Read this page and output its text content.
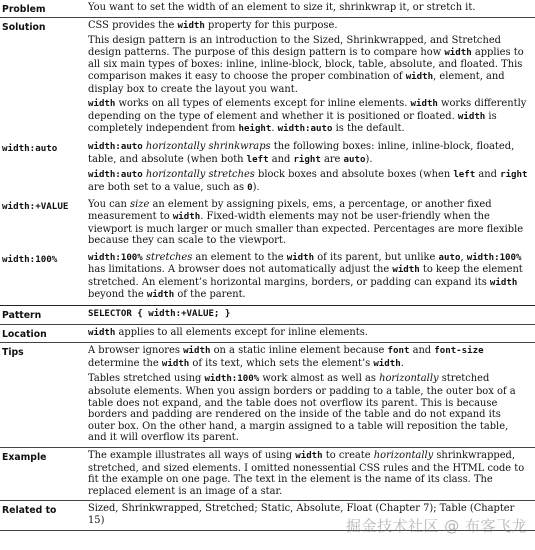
Problem	You want to set the width of an element to size it, shrinkwrap it, or stretch it.

Solution	CSS provides the width property for this purpose.

This design pattern is an introduction to the Sized, Shrinkwrapped, and Stretched design patterns. The purpose of this design pattern is to compare how width applies to all six main types of boxes: inline, inline-block, block, table, absolute, and floated. This comparison makes it easy to choose the proper combination of width, element, and display box to create the layout you want.

width works on all types of elements except for inline elements. width works differently depending on the type of element and whether it is positioned or floated. width is completely independent from height. width:auto is the default.

width:auto	width:auto horizontally shrinkwraps the following boxes: inline, inline-block, floated, table, and absolute (when both left and right are auto).

width:auto horizontally stretches block boxes and absolute boxes (when left and right are both set to a value, such as 0).

width:+VALUE	You can size an element by assigning pixels, ems, a percentage, or another fixed measurement to width. Fixed-width elements may not be user-friendly when the viewport is much larger or much smaller than expected. Percentages are more flexible because they can scale to the viewport.

width:100%	width:100% stretches an element to the width of its parent, but unlike auto, width:100% has limitations. A browser does not automatically adjust the width to keep the element stretched. An element’s horizontal margins, borders, or padding can expand its width beyond the width of the parent.

Pattern	SELECTOR { width:+VALUE; }

Location	width applies to all elements except for inline elements.

Tips	A browser ignores width on a static inline element because font and font-size determine the width of its text, which sets the element’s width.

Tables stretched using width:100% work almost as well as horizontally stretched absolute elements. When you assign borders or padding to a table, the outer box of a table does not expand, and the table does not overflow its parent. This is because borders and padding are rendered on the inside of the table and do not expand its outer box. On the other hand, a margin assigned to a table will reposition the table, and it will overflow its parent.

Example	The example illustrates all ways of using width to create horizontally shrinkwrapped, stretched, and sized elements. I omitted nonessential CSS rules and the HTML code to fit the example on one page. The text in the element is the name of its class. The replaced element is an image of a star.

Related to	Sized, Shrinkwrapped, Stretched; Static, Absolute, Float (Chapter 7); Table (Chapter 15)	掘金技术社区 @ 布客飞龙
